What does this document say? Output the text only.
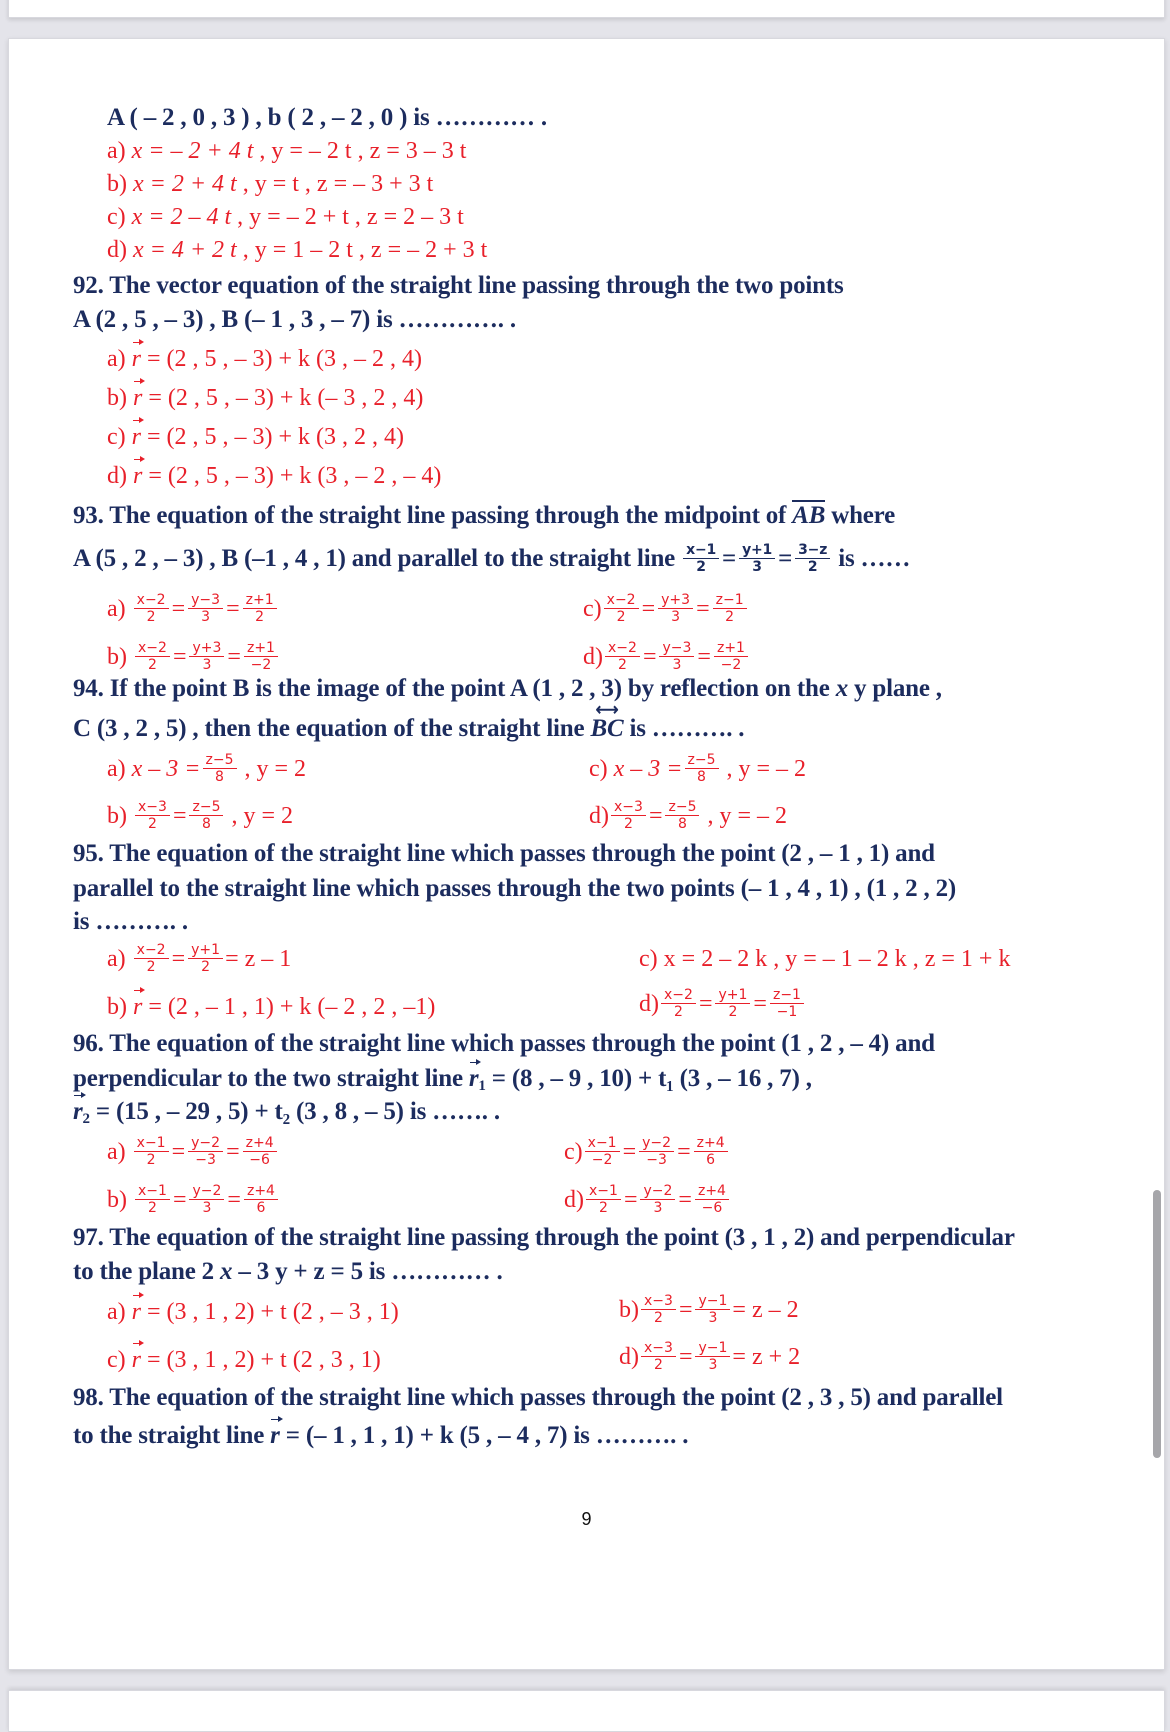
A ( – 2 , 0 , 3 ) , b ( 2 , – 2 , 0 ) is ………… .
a) x = – 2 + 4 t , y = – 2 t , z = 3 – 3 t
b) x = 2 + 4 t , y = t , z = – 3 + 3 t
c) x = 2 – 4 t , y = – 2 + t , z = 2 – 3 t
d) x = 4 + 2 t , y = 1 – 2 t , z = – 2 + 3 t
92. The vector equation of the straight line passing through the two points
A (2 , 5 , – 3) , B (– 1 , 3 , – 7) is …………. .
a) r = (2 , 5 , – 3) + k (3 , – 2 , 4)
b) r = (2 , 5 , – 3) + k (– 3 , 2 , 4)
c) r = (2 , 5 , – 3) + k (3 , 2 , 4)
d) r = (2 , 5 , – 3) + k (3 , – 2 , – 4)
93. The equation of the straight line passing through the midpoint of AB where
A (5 , 2 , – 3) , B (–1 , 4 , 1) and parallel to the straight line $\frac{x-1}{2} = \frac{y+1}{3} = \frac{3-z}{2}$ is ……
$a) \frac{x-2}{2} = \frac{y-3}{3} = \frac{z+1}{2}$
$b) \frac{x-2}{2} = \frac{y+3}{3} = \frac{z+1}{-2}$
$c) \frac{x-2}{2} = \frac{y+3}{3} = \frac{z-1}{2}$
$d) \frac{x-2}{2} = \frac{y-3}{3} = \frac{z+1}{-2}$
94. If the point B is the image of the point A (1 , 2 , 3) by reflection on the x y plane ,
C (3 , 2 , 5) , then the equation of the straight line ⟷ BC is ………. .
a) $x - 3 = \frac{z-5}{8}$ , y = 2
$b) \frac{x-3}{2} = \frac{z-5}{8}$ , y = 2
c) $x - 3 = \frac{z-5}{8}$ , y = – 2
$d) \frac{x-3}{2} = \frac{z-5}{8}$ , y = – 2
95. The equation of the straight line which passes through the point (2 , – 1 , 1) and
parallel to the straight line which passes through the two points (– 1 , 4 , 1) , (1 , 2 , 2)
is ………. .
$a) \frac{x-2}{2} = \frac{y+1}{2} = z - 1$
b) r = (2 , – 1 , 1) + k (– 2 , 2 , –1)
c) x = 2 – 2 k , y = – 1 – 2 k , z = 1 + k
$d) \frac{x-2}{2} = \frac{y+1}{2} = \frac{z-1}{-1}$
96. The equation of the straight line which passes through the point (1 , 2 , – 4) and
perpendicular to the two straight line $r_1 = (8$ , – 9 , 10) + t₁ (3 , – 16 , 7) ,
$r_2 = (15$ , – 29 , 5) + t₂ (3 , 8 , – 5) is ……. .
$a) \frac{x-1}{2} = \frac{y-2}{-3} = \frac{z+4}{-6}$
$b) \frac{x-1}{2} = \frac{y-2}{3} = \frac{z+4}{6}$
$c) \frac{x-1}{-2} = \frac{y-2}{-3} = \frac{z+4}{6}$
$d) \frac{x-1}{2} = \frac{y-2}{3} = \frac{z+4}{-6}$
97. The equation of the straight line passing through the point (3 , 1 , 2) and perpendicular
to the plane 2 x – 3 y + z = 5 is ………… .
a) r = (3 , 1 , 2) + t (2 , – 3 , 1)
c) r = (3 , 1 , 2) + t (2 , 3 , 1)
$b) \frac{x-3}{2} = \frac{y-1}{3} = z - 2$
$d) \frac{x-3}{2} = \frac{y-1}{3} = z + 2$
98. The equation of the straight line which passes through the point (2 , 3 , 5) and parallel
to the straight line r = (– 1 , 1 , 1) + k (5 , – 4 , 7) is ………. .
9
